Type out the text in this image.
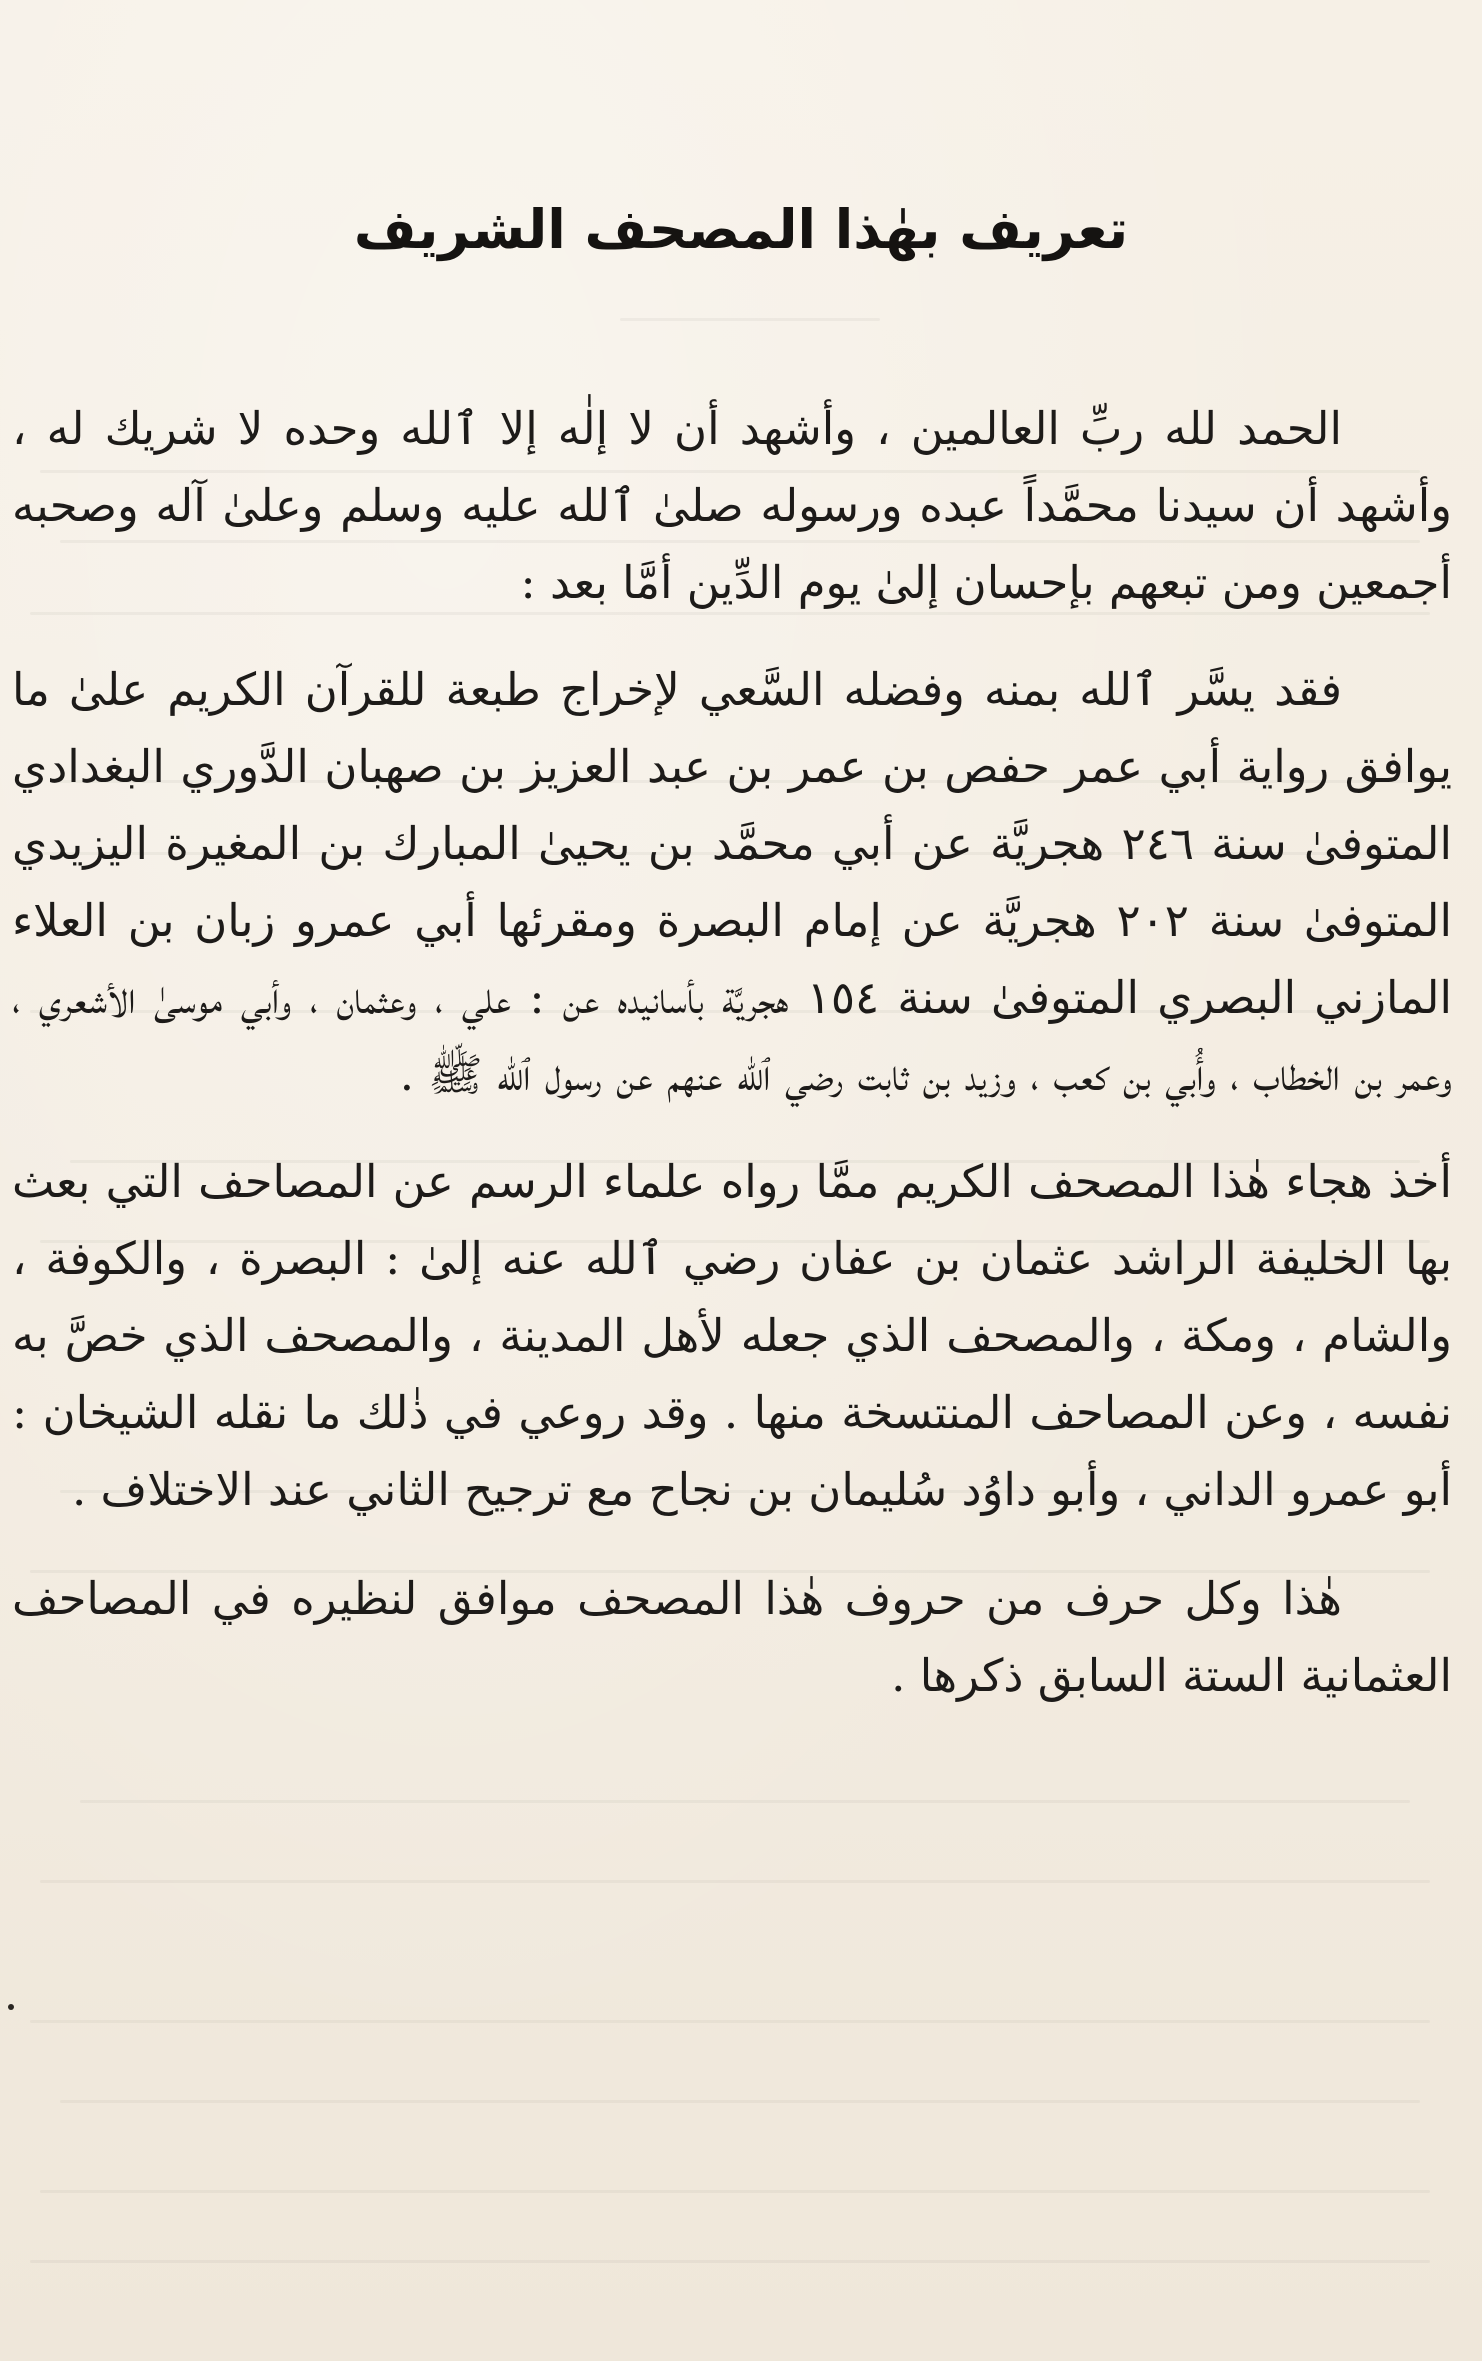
تعريف بهٰذا المصحف الشريف

الحمد لله ربِّ العالمين ، وأشهد أن لا إلٰه إلا ٱلله وحده لا شريك له ، وأشهد أن سيدنا محمَّداً عبده ورسوله صلىٰ ٱلله عليه وسلم وعلىٰ آله وصحبه أجمعين ومن تبعهم بإحسان إلىٰ يوم الدِّين أمَّا بعد :

فقد يسَّر ٱلله بمنه وفضله السَّعي لإخراج طبعة للقرآن الكريم علىٰ ما يوافق رواية أبي عمر حفص بن عمر بن عبد العزيز بن صهبان الدَّوري البغدادي المتوفىٰ سنة ٢٤٦ هجريَّة عن أبي محمَّد بن يحيىٰ المبارك بن المغيرة اليزيدي المتوفىٰ سنة ٢٠٢ هجريَّة عن إمام البصرة ومقرئها أبي عمرو زبان بن العلاء المازني البصري المتوفىٰ سنة ١٥٤ هجريَّة بأسانيده عن : علي ، وعثمان ، وأبي موسىٰ الأشعري ، وعمر بن الخطاب ، وأُبي بن كعب ، وزيد بن ثابت رضي ٱلله عنهم عن رسول ٱلله ﷺ .

أخذ هجاء هٰذا المصحف الكريم ممَّا رواه علماء الرسم عن المصاحف التي بعث بها الخليفة الراشد عثمان بن عفان رضي ٱلله عنه إلىٰ : البصرة ، والكوفة ، والشام ، ومكة ، والمصحف الذي جعله لأهل المدينة ، والمصحف الذي خصَّ به نفسه ، وعن المصاحف المنتسخة منها . وقد روعي في ذٰلك ما نقله الشيخان : أبو عمرو الداني ، وأبو داوُد سُليمان بن نجاح مع ترجيح الثاني عند الاختلاف .

هٰذا وكل حرف من حروف هٰذا المصحف موافق لنظيره في المصاحف العثمانية الستة السابق ذكرها .
